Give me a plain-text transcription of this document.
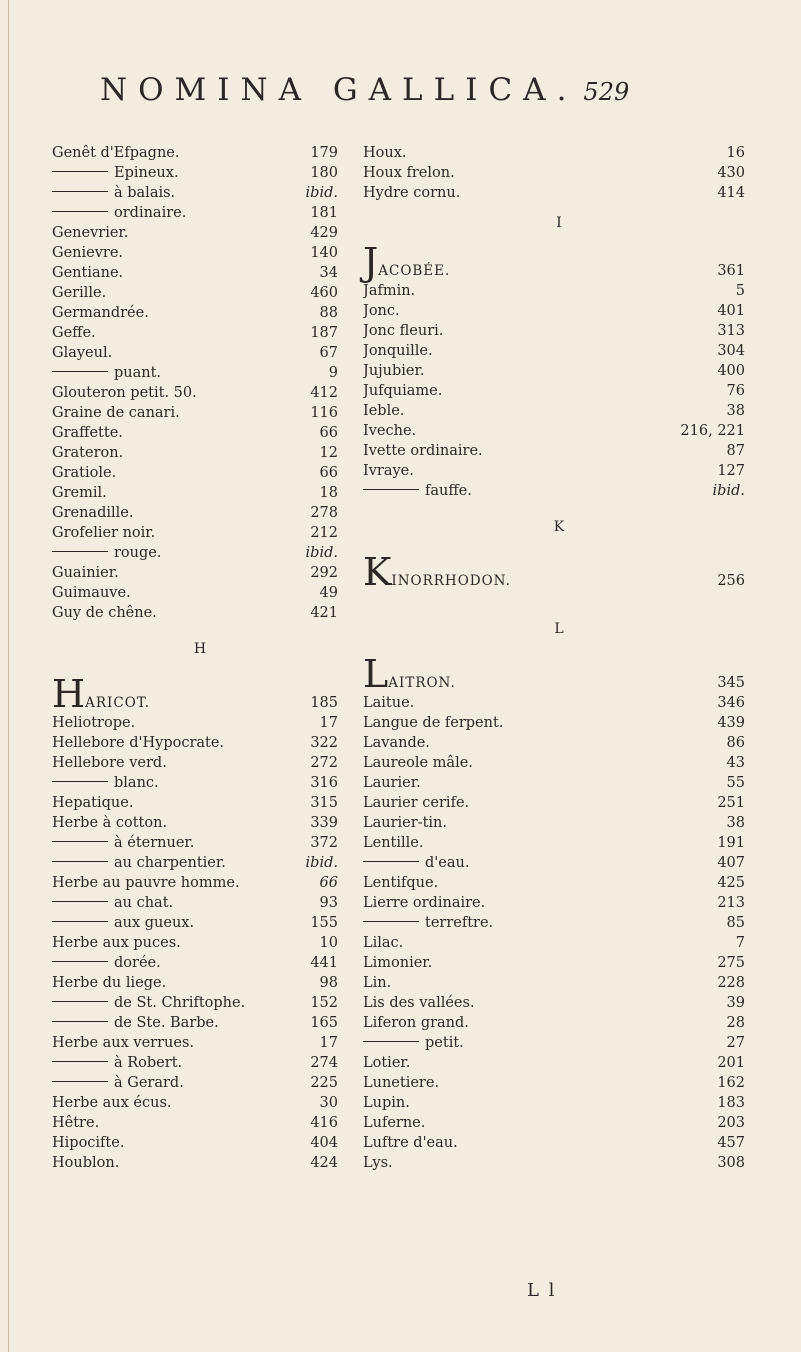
NOMINA GALLICA. 529
Genêt d'Efpagne.	179
Epineux.	180
à balais.	ibid.
ordinaire.	181
Genevrier.	429
Genievre.	140
Gentiane.	34
Gerille.	460
Germandrée.	88
Geffe.	187
Glayeul.	67
puant.	9
Glouteron petit. 50.	412
Graine de canari.	116
Graffette.	66
Grateron.	12
Gratiole.	66
Gremil.	18
Grenadille.	278
Grofelier noir.	212
rouge.	ibid.
Guainier.	292
Guimauve.	49
Guy de chêne.	421
H
HARICOT.	185
Heliotrope.	17
Hellebore d'Hypocrate.	322
Hellebore verd.	272
blanc.	316
Hepatique.	315
Herbe à cotton.	339
à éternuer.	372
au charpentier.	ibid.
Herbe au pauvre homme.	66
au chat.	93
aux gueux.	155
Herbe aux puces.	10
dorée.	441
Herbe du liege.	98
de St. Chriftophe.	152
de Ste. Barbe.	165
Herbe aux verrues.	17
à Robert.	274
à Gerard.	225
Herbe aux écus.	30
Hêtre.	416
Hipocifte.	404
Houblon.	424
Houx.	16
Houx frelon.	430
Hydre cornu.	414
I
JACOBÉE.	361
Jafmin.	5
Jonc.	401
Jonc fleuri.	313
Jonquille.	304
Jujubier.	400
Jufquiame.	76
Ieble.	38
Iveche.	216, 221
Ivette ordinaire.	87
Ivraye.	127
fauffe.	ibid.
K
KINORRHODON.	256
L
LAITRON.	345
Laitue.	346
Langue de ferpent.	439
Lavande.	86
Laureole mâle.	43
Laurier.	55
Laurier cerife.	251
Laurier-tin.	38
Lentille.	191
d'eau.	407
Lentifque.	425
Lierre ordinaire.	213
terreftre.	85
Lilac.	7
Limonier.	275
Lin.	228
Lis des vallées.	39
Liferon grand.	28
petit.	27
Lotier.	201
Lunetiere.	162
Lupin.	183
Luferne.	203
Luftre d'eau.	457
Lys.	308
L l
